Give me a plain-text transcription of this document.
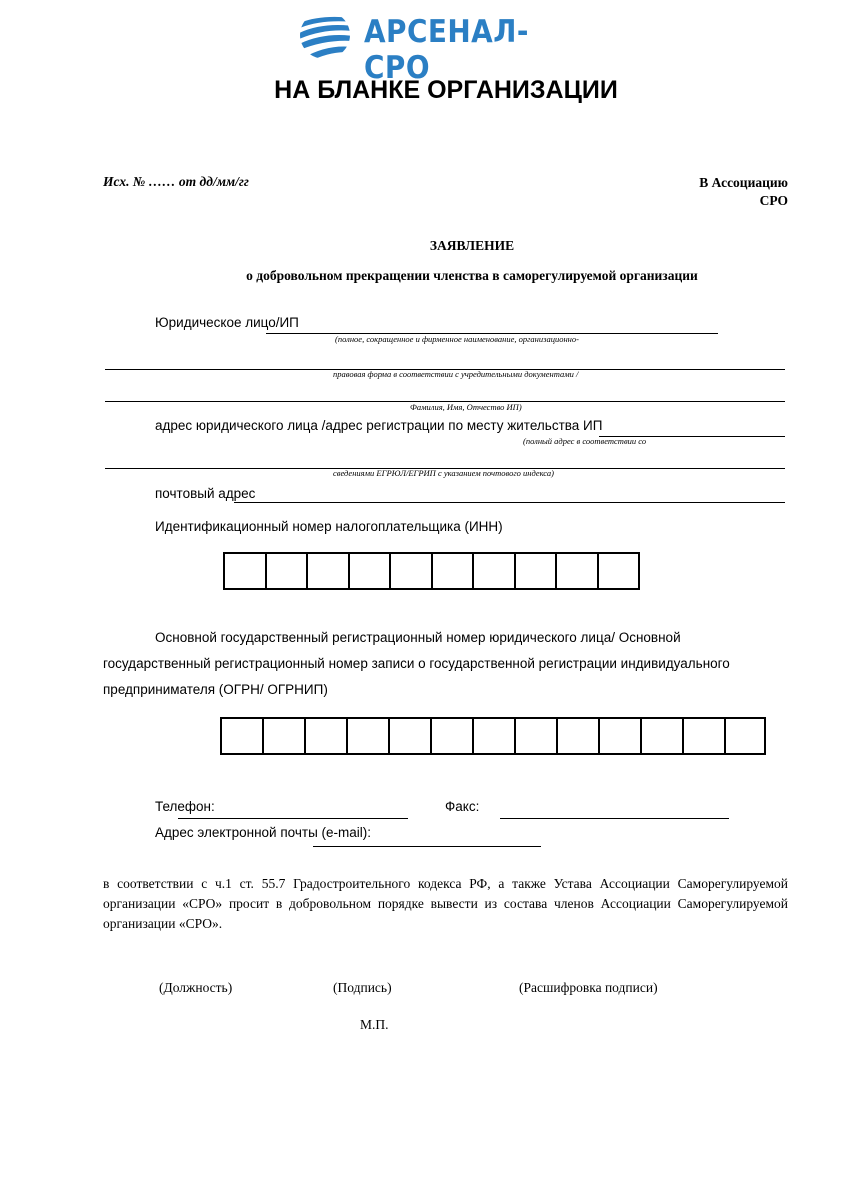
АРСЕНАЛ-СРО
НА БЛАНКЕ ОРГАНИЗАЦИИ
Исх. № …… от дд/мм/гг	В Ассоциацию
СРО
ЗАЯВЛЕНИЕ
о добровольном прекращении членства в саморегулируемой организации
Юридическое лицо/ИП
(полное, сокращенное и фирменное наименование, организационно-
правовая форма в соответствии с учредительными документами /
Фамилия, Имя, Отчество ИП)
адрес юридического лица /адрес регистрации по месту жительства ИП
(полный адрес в соответствии со
сведениями ЕГРЮЛ/ЕГРИП с указанием почтового индекса)
почтовый адрес
Идентификационный номер налогоплательщика (ИНН)
Основной государственный регистрационный номер юридического лица/ Основной
государственный регистрационный номер записи о государственной регистрации индивидуального
предпринимателя (ОГРН/ ОГРНИП)
Телефон:	Факс:
Адрес электронной почты (e-mail):
в соответствии с ч.1 ст. 55.7 Градостроительного кодекса РФ, а также Устава Ассоциации Саморегулируемой организации «СРО» просит в добровольном порядке вывести из состава членов Ассоциации Саморегулируемой организации «СРО».
(Должность)	(Подпись)	(Расшифровка подписи)
М.П.
